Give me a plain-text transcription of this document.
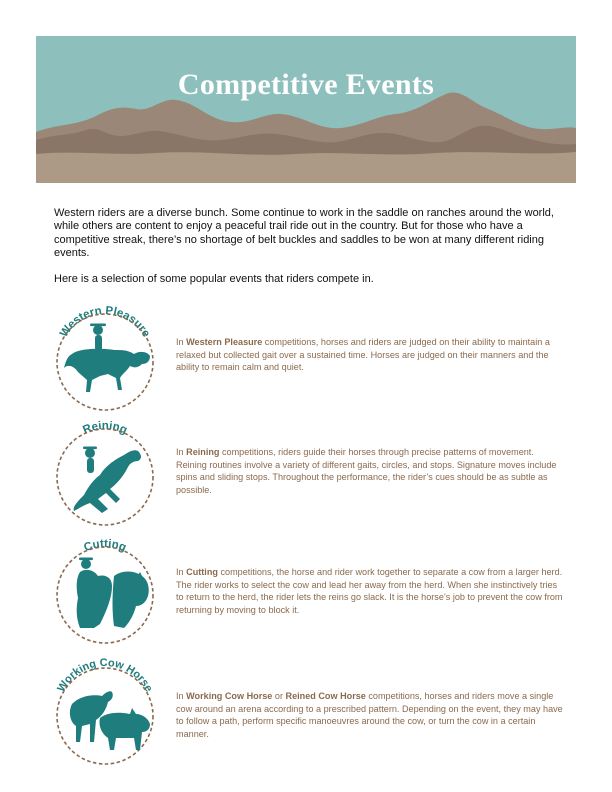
Competitive Events

Western riders are a diverse bunch. Some continue to work in the saddle on ranches around the world, while others are content to enjoy a peaceful trail ride out in the country. But for those who have a competitive streak, there’s no shortage of belt buckles and saddles to be won at many different riding events.

Here is a selection of some popular events that riders compete in.

Western Pleasure

In Western Pleasure competitions, horses and riders are judged on their ability to maintain a relaxed but collected gait over a sustained time. Horses are judged on their manners and the ability to remain calm and quiet.

Reining

In Reining competitions, riders guide their horses through precise patterns of movement. Reining routines involve a variety of different gaits, circles, and stops. Signature moves include spins and sliding stops. Throughout the performance, the rider’s cues should be as subtle as possible.

Cutting

In Cutting competitions, the horse and rider work together to separate a cow from a larger herd. The rider works to select the cow and lead her away from the herd. When she instinctively tries to return to the herd, the rider lets the reins go slack. It is the horse’s job to prevent the cow from returning by moving to block it.

Working Cow Horse

In Working Cow Horse or Reined Cow Horse competitions, horses and riders move a single cow around an arena according to a prescribed pattern. Depending on the event, they may have to follow a path, perform specific manoeuvres around the cow, or turn the cow in a certain manner.
